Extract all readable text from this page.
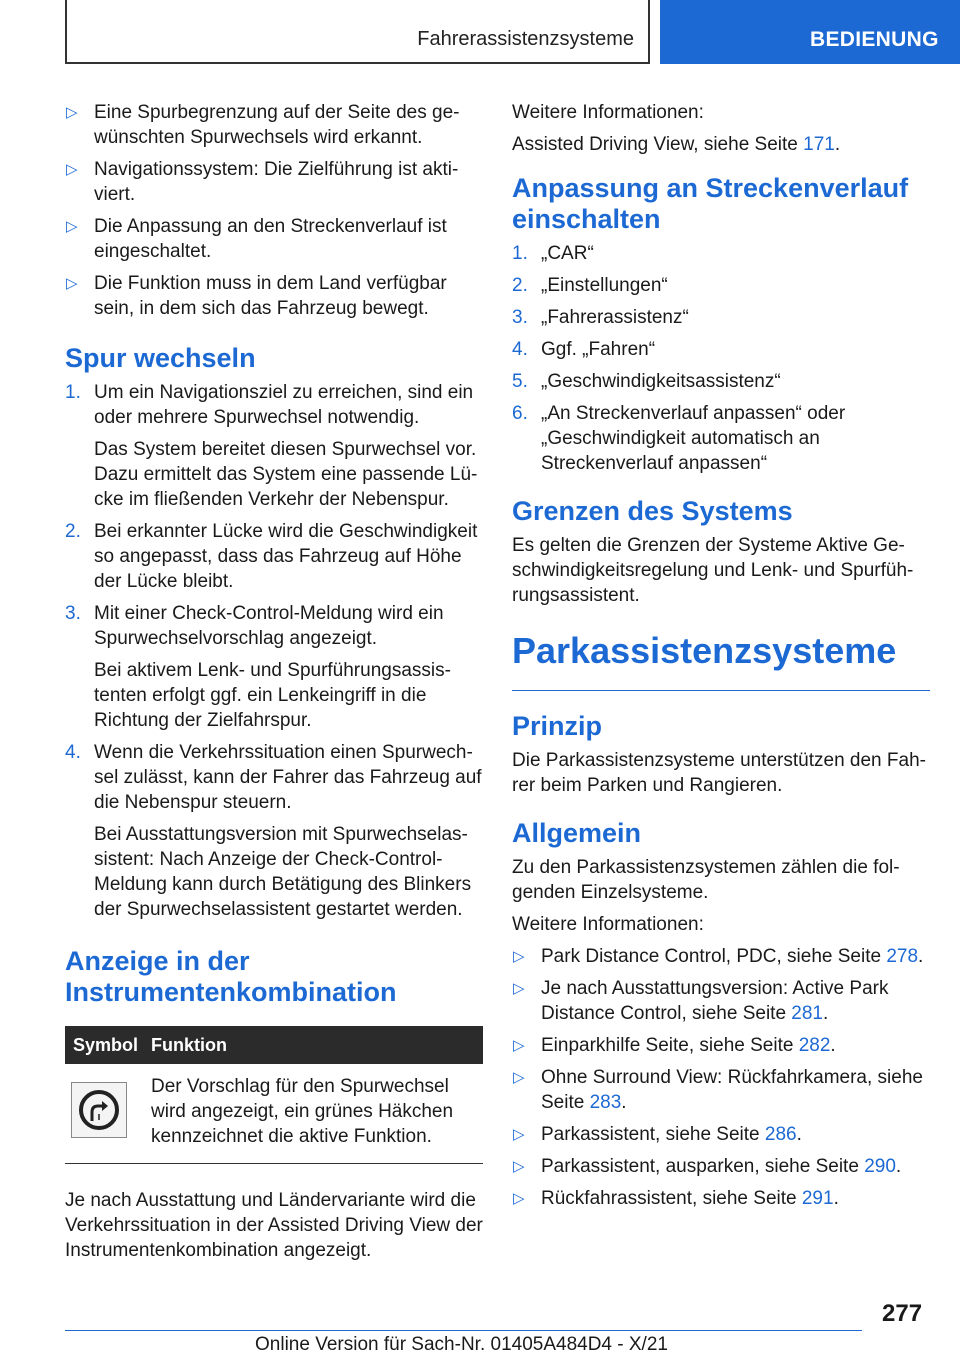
Fahrerassistenzsysteme	BEDIENUNG
▷ Eine Spurbegrenzung auf der Seite des ge-wünschten Spurwechsels wird erkannt.
▷ Navigationssystem: Die Zielführung ist akti-viert.
▷ Die Anpassung an den Streckenverlauf ist eingeschaltet.
▷ Die Funktion muss in dem Land verfügbar sein, in dem sich das Fahrzeug bewegt.
Spur wechseln
1. Um ein Navigationsziel zu erreichen, sind ein oder mehrere Spurwechsel notwendig.

Das System bereitet diesen Spurwechsel vor. Dazu ermittelt das System eine passende Lü-cke im fließenden Verkehr der Nebenspur.

2. Bei erkannter Lücke wird die Geschwindigkeit so angepasst, dass das Fahrzeug auf Höhe der Lücke bleibt.

3. Mit einer Check-Control-Meldung wird ein Spurwechselvorschlag angezeigt.

Bei aktivem Lenk- und Spurführungsassis-tenten erfolgt ggf. ein Lenkeingriff in die Richtung der Zielfahrspur.

4. Wenn die Verkehrssituation einen Spurwech-sel zulässt, kann der Fahrer das Fahrzeug auf die Nebenspur steuern.

Bei Ausstattungsversion mit Spurwechselas-sistent: Nach Anzeige der Check-Control-Meldung kann durch Betätigung des Blinkers der Spurwechselassistent gestartet werden.

Anzeige in der Instrumentenkombination
Symbol	Funktion

	Der Vorschlag für den Spurwechsel wird angezeigt, ein grünes Häkchen kennzeichnet die aktive Funktion.

Je nach Ausstattung und Ländervariante wird die Verkehrssituation in der Assisted Driving View der Instrumentenkombination angezeigt.

Weitere Informationen:

Assisted Driving View, siehe Seite 171.

Anpassung an Streckenverlauf einschalten
1. „CAR“
2. „Einstellungen“
3. „Fahrerassistenz“
4. Ggf. „Fahren“
5. „Geschwindigkeitsassistenz“
6. „An Streckenverlauf anpassen“ oder „Geschwindigkeit automatisch an Streckenverlauf anpassen“
Grenzen des Systems

Es gelten die Grenzen der Systeme Aktive Ge-schwindigkeitsregelung und Lenk- und Spurfüh-rungsassistent.

Parkassistenzsysteme
Prinzip

Die Parkassistenzsysteme unterstützen den Fah-rer beim Parken und Rangieren.

Allgemein

Zu den Parkassistenzsystemen zählen die fol-genden Einzelsysteme.

Weitere Informationen:

▷ Park Distance Control, PDC, siehe Seite 278.
▷ Je nach Ausstattungsversion: Active Park Distance Control, siehe Seite 281.
▷ Einparkhilfe Seite, siehe Seite 282.
▷ Ohne Surround View: Rückfahrkamera, siehe Seite 283.
▷ Parkassistent, siehe Seite 286.
▷ Parkassistent, ausparken, siehe Seite 290.
▷ Rückfahrassistent, siehe Seite 291.
277
Online Version für Sach-Nr. 01405A484D4 - X/21
